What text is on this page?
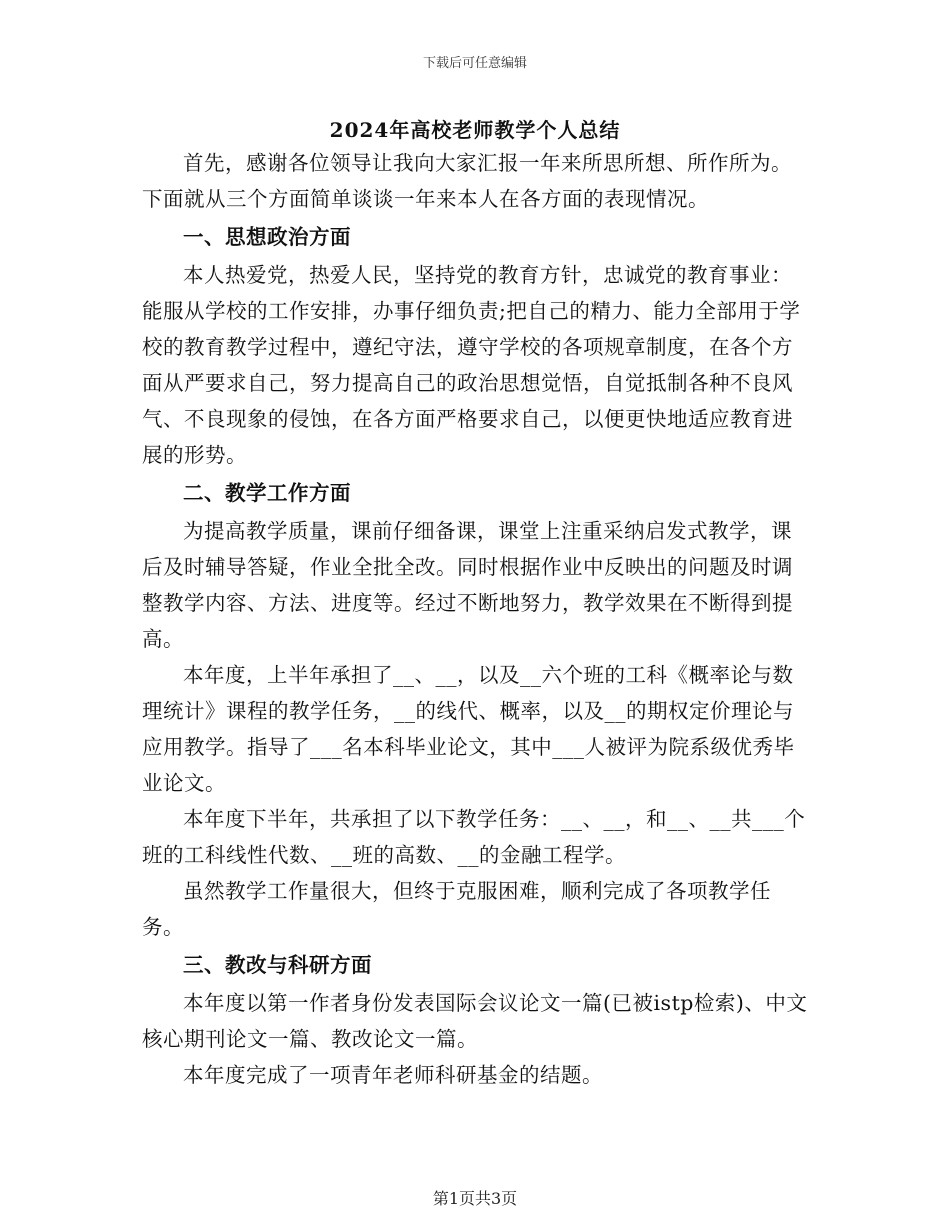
下载后可任意编辑
2024年高校老师教学个人总结

首先，感谢各位领导让我向大家汇报一年来所思所想、所作所为。下面就从三个方面简单谈谈一年来本人在各方面的表现情况。

一、思想政治方面

本人热爱党，热爱人民，坚持党的教育方针，忠诚党的教育事业：能服从学校的工作安排，办事仔细负责;把自己的精力、能力全部用于学校的教育教学过程中，遵纪守法，遵守学校的各项规章制度，在各个方面从严要求自己，努力提高自己的政治思想觉悟，自觉抵制各种不良风气、不良现象的侵蚀，在各方面严格要求自己，以便更快地适应教育进展的形势。

二、教学工作方面

为提高教学质量，课前仔细备课，课堂上注重采纳启发式教学，课后及时辅导答疑，作业全批全改。同时根据作业中反映出的问题及时调整教学内容、方法、进度等。经过不断地努力，教学效果在不断得到提高。

本年度，上半年承担了__、__，以及__六个班的工科《概率论与数理统计》课程的教学任务，__的线代、概率，以及__的期权定价理论与应用教学。指导了___名本科毕业论文，其中___人被评为院系级优秀毕业论文。

本年度下半年，共承担了以下教学任务：__、__，和__、__共___个班的工科线性代数、__班的高数、__的金融工程学。

虽然教学工作量很大，但终于克服困难，顺利完成了各项教学任务。

三、教改与科研方面

本年度以第一作者身份发表国际会议论文一篇(已被istp检索)、中文核心期刊论文一篇、教改论文一篇。

本年度完成了一项青年老师科研基金的结题。

第1页共3页
